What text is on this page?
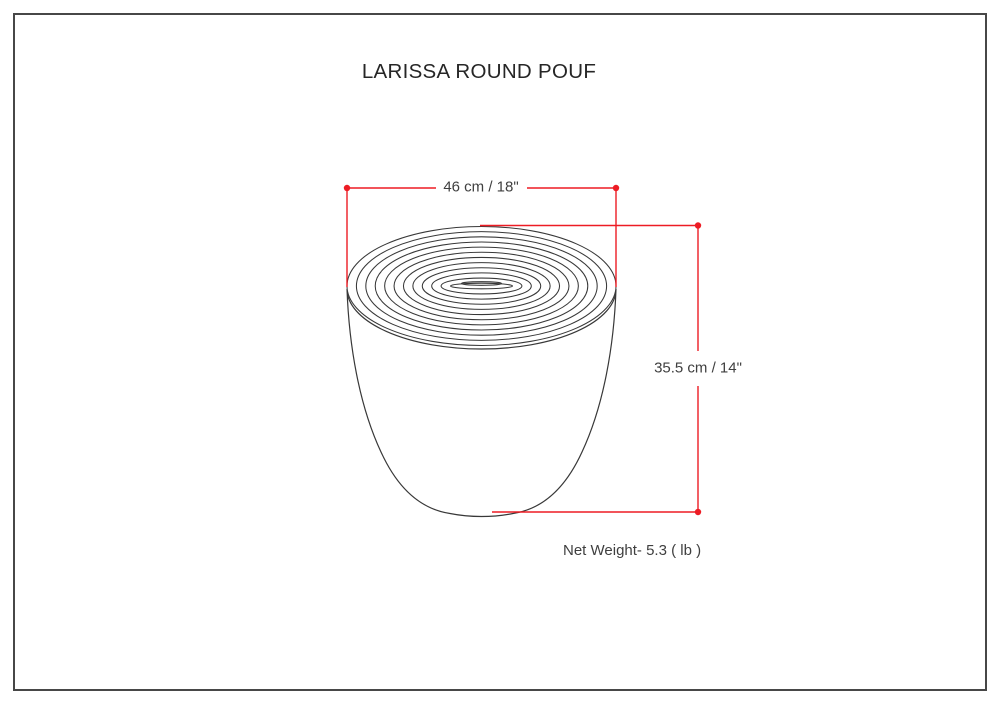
LARISSA ROUND POUF
46 cm / 18"
35.5 cm / 14"
Net Weight- 5.3 ( lb )
